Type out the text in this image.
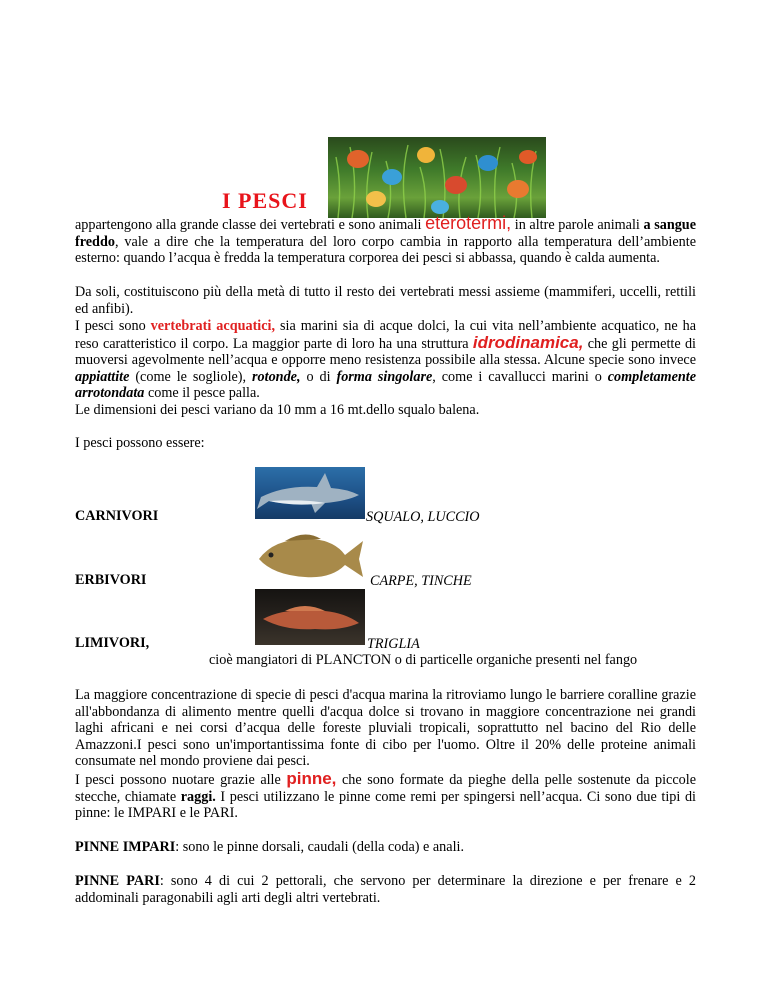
I PESCI

appartengono alla grande classe dei vertebrati e sono animali eterotermi, in altre parole animali a sangue freddo, vale a dire che la temperatura del loro corpo cambia in rapporto alla temperatura dell’ambiente esterno: quando l’acqua è fredda la temperatura corporea dei pesci si abbassa, quando è calda aumenta.

Da soli, costituiscono più della metà di tutto il resto dei vertebrati messi assieme (mammiferi, uccelli, rettili ed anfibi).

I pesci sono vertebrati acquatici, sia marini sia di acque dolci, la cui vita nell’ambiente acquatico, ne ha reso caratteristico il corpo. La maggior parte di loro ha una struttura idrodinamica, che gli permette di muoversi agevolmente nell’acqua e opporre meno resistenza possibile alla stessa. Alcune specie sono invece appiattite (come le sogliole), rotonde, o di forma singolare, come i cavallucci marini o completamente arrotondata come il pesce palla.

Le dimensioni dei pesci variano da 10 mm a 16 mt.dello squalo balena.

I pesci possono essere:

CARNIVORI	SQUALO, LUCCIO
ERBIVORI	CARPE, TINCHE
LIMIVORI,	TRIGLIA
cioè mangiatori di PLANCTON o di particelle organiche presenti nel fango

La maggiore concentrazione di specie di pesci d'acqua marina la ritroviamo lungo le barriere coralline grazie all'abbondanza di alimento mentre quelli d'acqua dolce si trovano in maggiore concentrazione nei grandi laghi africani e nei corsi d’acqua delle foreste pluviali tropicali, soprattutto nel bacino del Rio delle Amazzoni.I pesci sono un'importantissima fonte di cibo per l'uomo. Oltre il 20% delle proteine animali consumate nel mondo proviene dai pesci.

I pesci possono nuotare grazie alle pinne, che sono formate da pieghe della pelle sostenute da piccole stecche, chiamate raggi. I pesci utilizzano le pinne come remi per spingersi nell’acqua. Ci sono due tipi di pinne: le IMPARI e le PARI.

PINNE IMPARI: sono le pinne dorsali, caudali (della coda) e anali.

PINNE PARI: sono 4 di cui 2 pettorali, che servono per determinare la direzione e per frenare e 2 addominali paragonabili agli arti degli altri vertebrati.
